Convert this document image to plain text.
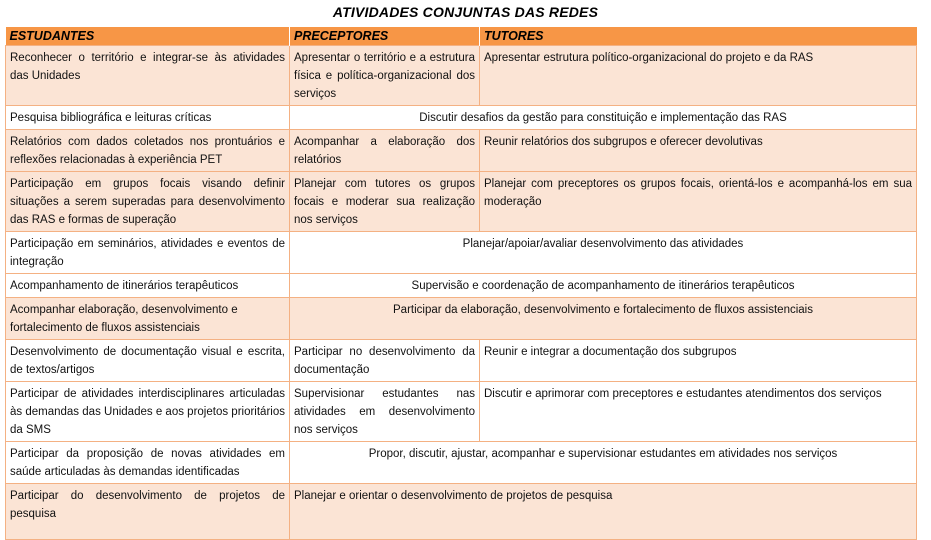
ATIVIDADES CONJUNTAS DAS REDES
ESTUDANTES	PRECEPTORES	TUTORES
Reconhecer o território e integrar-se às atividades das Unidades	Apresentar o território e a estrutura física e política-organizacional dos serviços	Apresentar estrutura político-organizacional do projeto e da RAS
Pesquisa bibliográfica e leituras críticas	Discutir desafios da gestão para constituição e implementação das RAS	
Relatórios com dados coletados nos prontuários e reflexões relacionadas à experiência PET	Acompanhar a elaboração dos relatórios	Reunir relatórios dos subgrupos e oferecer devolutivas
Participação em grupos focais visando definir situações a serem superadas para desenvolvimento das RAS e formas de superação	Planejar com tutores os grupos focais e moderar sua realização nos serviços	Planejar com preceptores os grupos focais, orientá-los e acompanhá-los em sua moderação
Participação em seminários, atividades e eventos de integração	Planejar/apoiar/avaliar desenvolvimento das atividades	
Acompanhamento de itinerários terapêuticos	Supervisão e coordenação de acompanhamento de itinerários terapêuticos	
Acompanhar elaboração, desenvolvimento e fortalecimento de fluxos assistenciais	Participar da elaboração, desenvolvimento e fortalecimento de fluxos assistenciais	
Desenvolvimento de documentação visual e escrita, de textos/artigos	Participar no desenvolvimento da documentação	Reunir e integrar a documentação dos subgrupos
Participar de atividades interdisciplinares articuladas às demandas das Unidades e aos projetos prioritários da SMS	Supervisionar estudantes nas atividades em desenvolvimento nos serviços	Discutir e aprimorar com preceptores e estudantes atendimentos dos serviços
Participar da proposição de novas atividades em saúde articuladas às demandas identificadas	Propor, discutir, ajustar, acompanhar e supervisionar estudantes em atividades nos serviços	
Participar do desenvolvimento de projetos de pesquisa	Planejar e orientar o desenvolvimento de projetos de pesquisa	
